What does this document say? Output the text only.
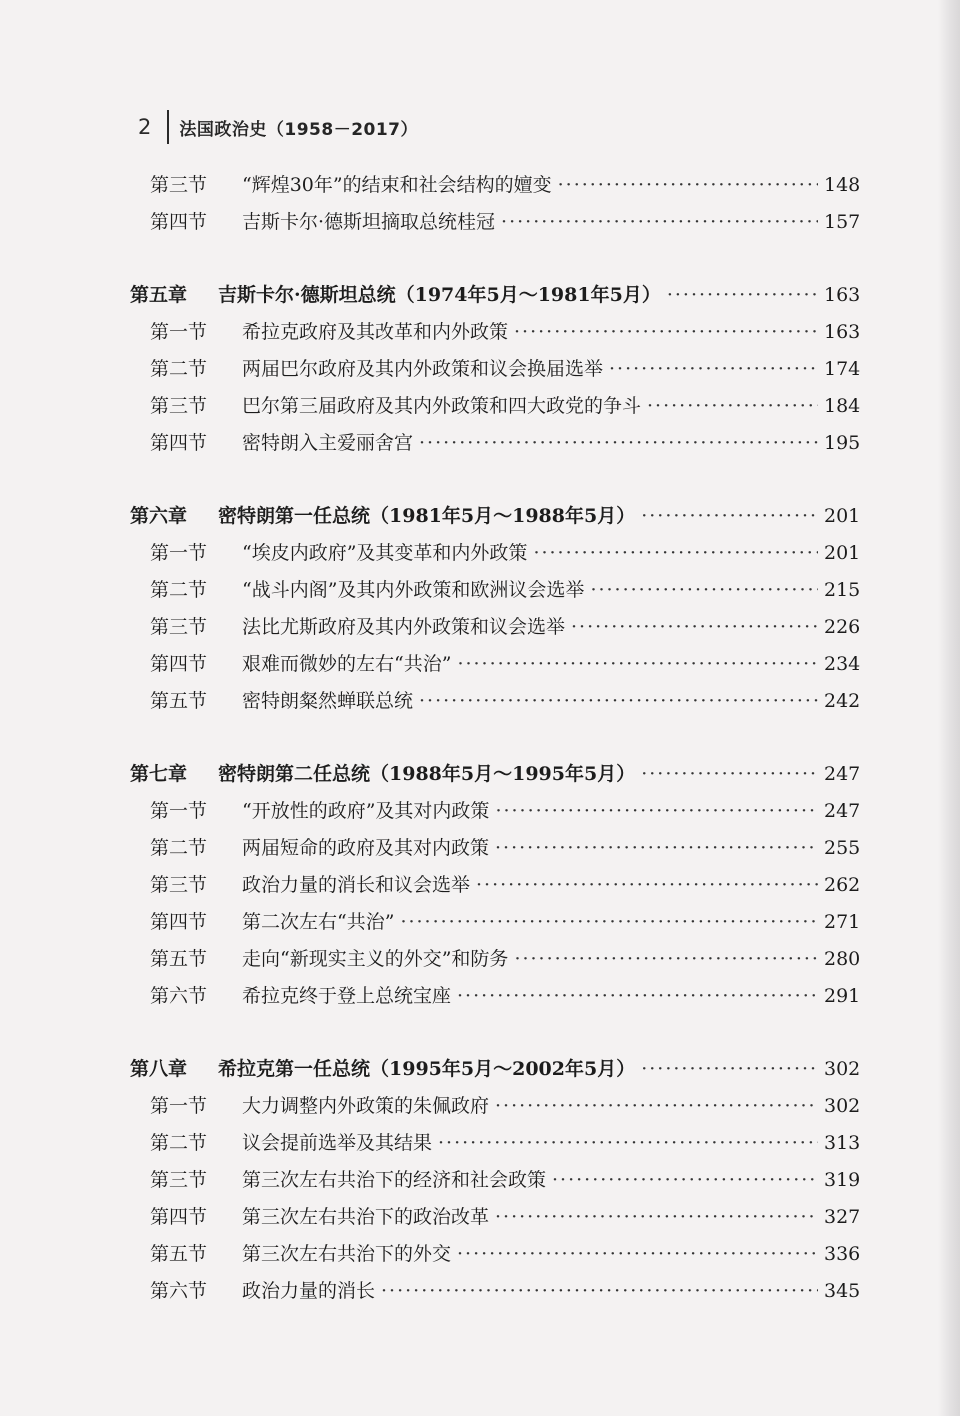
2 法国政治史（1958－2017）
第三节	“辉煌30年”的结束和社会结构的嬗变 ·····	148
第四节	吉斯卡尔·德斯坦摘取总统桂冠 ·····	157
第五章	吉斯卡尔·德斯坦总统（1974年5月～1981年5月） ·····	163
第一节	希拉克政府及其改革和内外政策 ·····	163
第二节	两届巴尔政府及其内外政策和议会换届选举 ·····	174
第三节	巴尔第三届政府及其内外政策和四大政党的争斗 ·····	184
第四节	密特朗入主爱丽舍宫 ·····	195
第六章	密特朗第一任总统（1981年5月～1988年5月） ·····	201
第一节	“埃皮内政府”及其变革和内外政策 ·····	201
第二节	“战斗内阁”及其内外政策和欧洲议会选举 ·····	215
第三节	法比尤斯政府及其内外政策和议会选举 ·····	226
第四节	艰难而微妙的左右“共治” ·····	234
第五节	密特朗粲然蝉联总统 ·····	242
第七章	密特朗第二任总统（1988年5月～1995年5月） ·····	247
第一节	“开放性的政府”及其对内政策 ·····	247
第二节	两届短命的政府及其对内政策 ·····	255
第三节	政治力量的消长和议会选举 ·····	262
第四节	第二次左右“共治” ·····	271
第五节	走向“新现实主义的外交”和防务 ·····	280
第六节	希拉克终于登上总统宝座 ·····	291
第八章	希拉克第一任总统（1995年5月～2002年5月） ·····	302
第一节	大力调整内外政策的朱佩政府 ·····	302
第二节	议会提前选举及其结果 ·····	313
第三节	第三次左右共治下的经济和社会政策 ·····	319
第四节	第三次左右共治下的政治改革 ·····	327
第五节	第三次左右共治下的外交 ·····	336
第六节	政治力量的消长 ·····	345
